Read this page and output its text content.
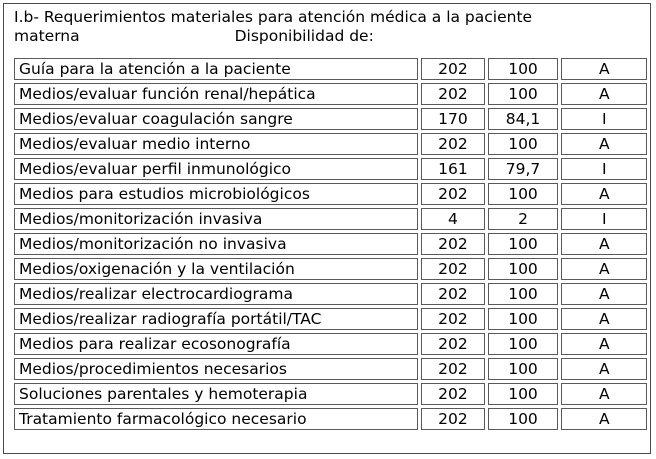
I.b- Requerimientos materiales para atención médica a la paciente
materna	Disponibilidad de:
Guía para la atención a la paciente	202	100	A
Medios/evaluar función renal/hepática	202	100	A
Medios/evaluar coagulación sangre	170	84,1	I
Medios/evaluar medio interno	202	100	A
Medios/evaluar perfil inmunológico	161	79,7	I
Medios para estudios microbiológicos	202	100	A
Medios/monitorización invasiva	4	2	I
Medios/monitorización no invasiva	202	100	A
Medios/oxigenación y la ventilación	202	100	A
Medios/realizar electrocardiograma	202	100	A
Medios/realizar radiografía portátil/TAC	202	100	A
Medios para realizar ecosonografía	202	100	A
Medios/procedimientos necesarios	202	100	A
Soluciones parentales y hemoterapia	202	100	A
Tratamiento farmacológico necesario	202	100	A
